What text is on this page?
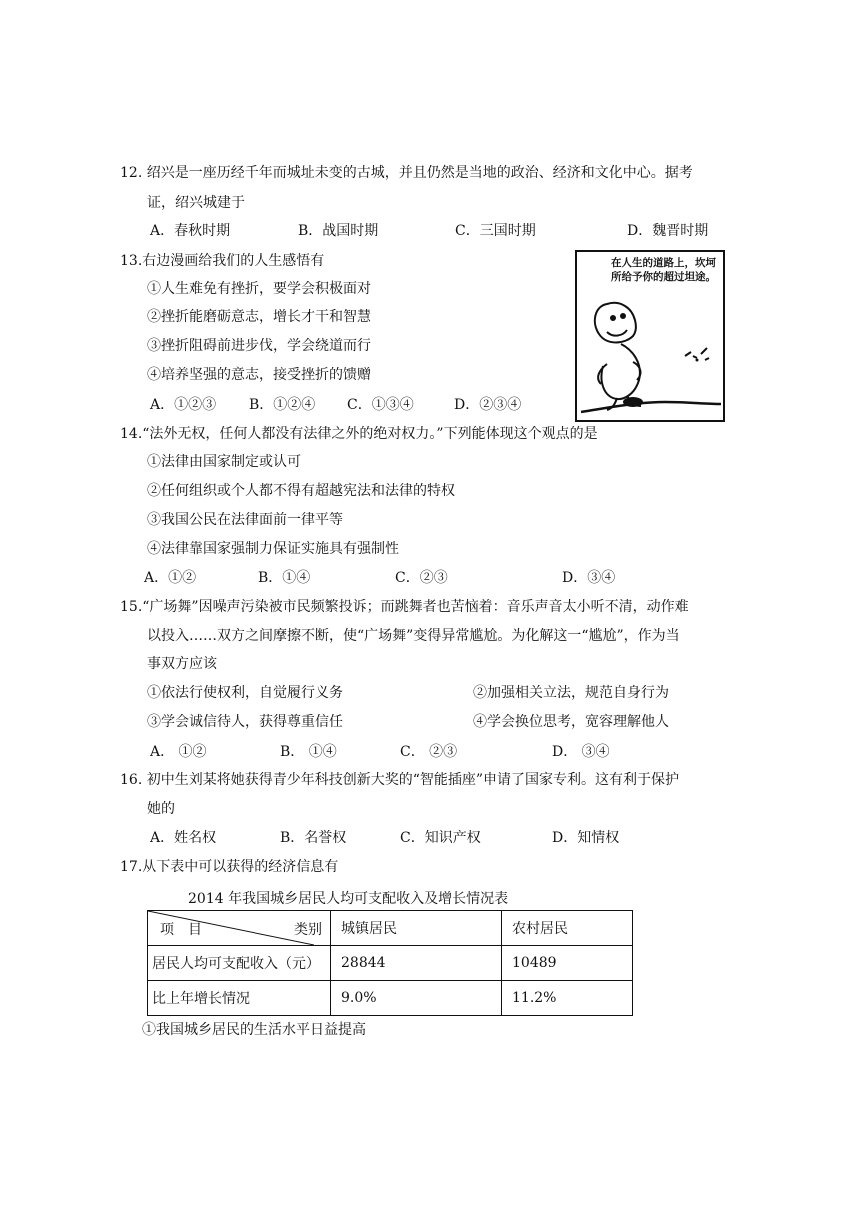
12. 绍兴是一座历经千年而城址未变的古城，并且仍然是当地的政治、经济和文化中心。据考
证，绍兴城建于
A．春秋时期	B．战国时期	C．三国时期	D．魏晋时期
13.右边漫画给我们的人生感悟有
①人生难免有挫折，要学会积极面对
②挫折能磨砺意志，增长才干和智慧
③挫折阻碍前进步伐，学会绕道而行
④培养坚强的意志，接受挫折的馈赠
A．①②③ B．①②④ C．①③④	D．②③④
在人生的道路上，坎坷所给予你的超过坦途。
14.“法外无权，任何人都没有法律之外的绝对权力。”下列能体现这个观点的是
①法律由国家制定或认可
②任何组织或个人都不得有超越宪法和法律的特权
③我国公民在法律面前一律平等
④法律靠国家强制力保证实施具有强制性
A．①②	B．①④	C．②③	D．③④
15.“广场舞”因噪声污染被市民频繁投诉；而跳舞者也苦恼着：音乐声音太小听不清，动作难
以投入……双方之间摩擦不断，使“广场舞”变得异常尴尬。为化解这一“尴尬”，作为当
事双方应该
①依法行使权利，自觉履行义务	②加强相关立法，规范自身行为
③学会诚信待人，获得尊重信任	④学会换位思考，宽容理解他人
A． ①②	B． ①④	C． ②③	D． ③④
16. 初中生刘某将她获得青少年科技创新大奖的“智能插座”申请了国家专利。这有利于保护
她的
A．姓名权	B．名誉权	C．知识产权	D．知情权
17.从下表中可以获得的经济信息有
2014 年我国城乡居民人均可支配收入及增长情况表
项　目 类别	城镇居民	农村居民
居民人均可支配收入（元）	28844	10489
比上年增长情况	9.0%	11.2%
①我国城乡居民的生活水平日益提高
